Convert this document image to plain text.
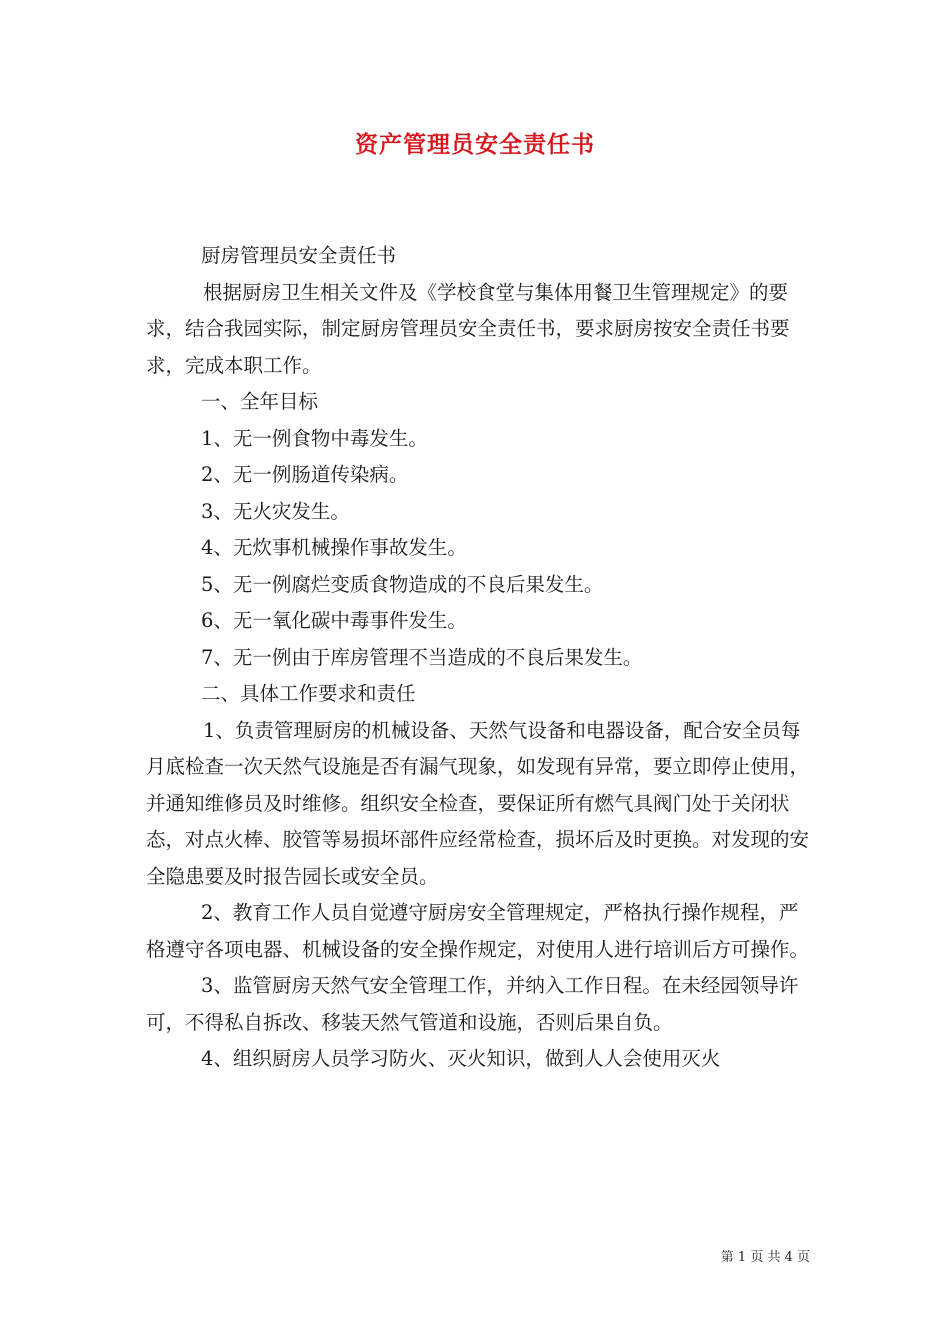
资产管理员安全责任书

厨房管理员安全责任书

根据厨房卫生相关文件及《学校食堂与集体用餐卫生管理规定》的要求，结合我园实际，制定厨房管理员安全责任书，要求厨房按安全责任书要求，完成本职工作。

一、全年目标

1、无一例食物中毒发生。

2、无一例肠道传染病。

3、无火灾发生。

4、无炊事机械操作事故发生。

5、无一例腐烂变质食物造成的不良后果发生。

6、无一氧化碳中毒事件发生。

7、无一例由于库房管理不当造成的不良后果发生。

二、具体工作要求和责任

1、负责管理厨房的机械设备、天然气设备和电器设备，配合安全员每月底检查一次天然气设施是否有漏气现象，如发现有异常，要立即停止使用，并通知维修员及时维修。组织安全检查，要保证所有燃气具阀门处于关闭状态，对点火棒、胶管等易损坏部件应经常检查，损坏后及时更换。对发现的安全隐患要及时报告园长或安全员。

2、教育工作人员自觉遵守厨房安全管理规定，严格执行操作规程，严格遵守各项电器、机械设备的安全操作规定，对使用人进行培训后方可操作。

3、监管厨房天然气安全管理工作，并纳入工作日程。在未经园领导许可，不得私自拆改、移装天然气管道和设施，否则后果自负。

4、组织厨房人员学习防火、灭火知识，做到人人会使用灭火

第 1 页 共 4 页
